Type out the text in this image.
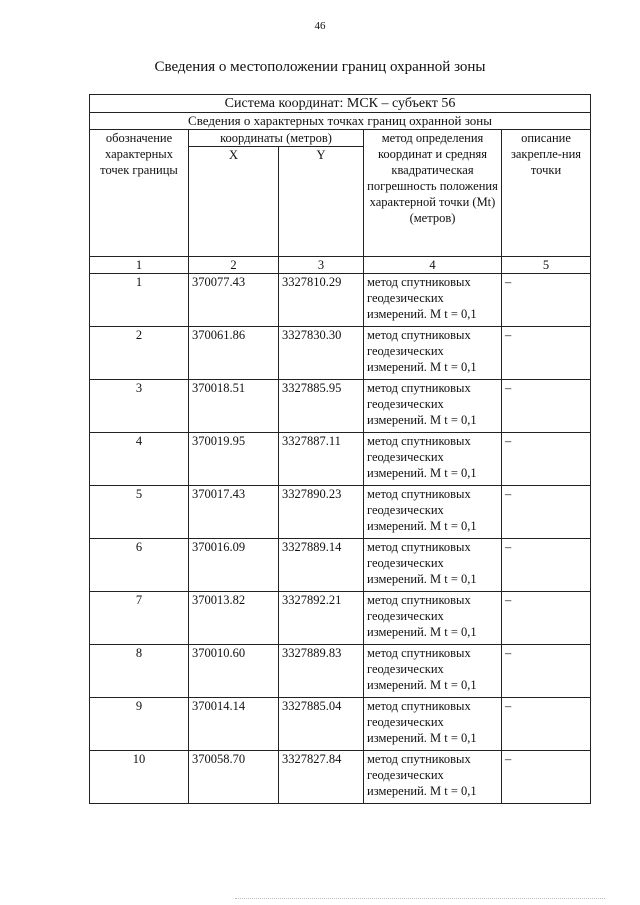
46
Сведения о местоположении границ охранной зоны
Система координат: МСК – субъект 56				
Сведения о характерных точках границ охранной зоны				
обозначение характерных точек границы	координаты (метров)		метод определения координат и средняя квадратическая погрешность положения характерной точки (Mt) (метров)	описание закрепле-ния точки
	X	Y		
1	2	3	4	5
1	370077.43	3327810.29	метод спутниковых геодезических измерений. M t = 0,1	–
2	370061.86	3327830.30	метод спутниковых геодезических измерений. M t = 0,1	–
3	370018.51	3327885.95	метод спутниковых геодезических измерений. M t = 0,1	–
4	370019.95	3327887.11	метод спутниковых геодезических измерений. M t = 0,1	–
5	370017.43	3327890.23	метод спутниковых геодезических измерений. M t = 0,1	–
6	370016.09	3327889.14	метод спутниковых геодезических измерений. M t = 0,1	–
7	370013.82	3327892.21	метод спутниковых геодезических измерений. M t = 0,1	–
8	370010.60	3327889.83	метод спутниковых геодезических измерений. M t = 0,1	–
9	370014.14	3327885.04	метод спутниковых геодезических измерений. M t = 0,1	–
10	370058.70	3327827.84	метод спутниковых геодезических измерений. M t = 0,1	–
